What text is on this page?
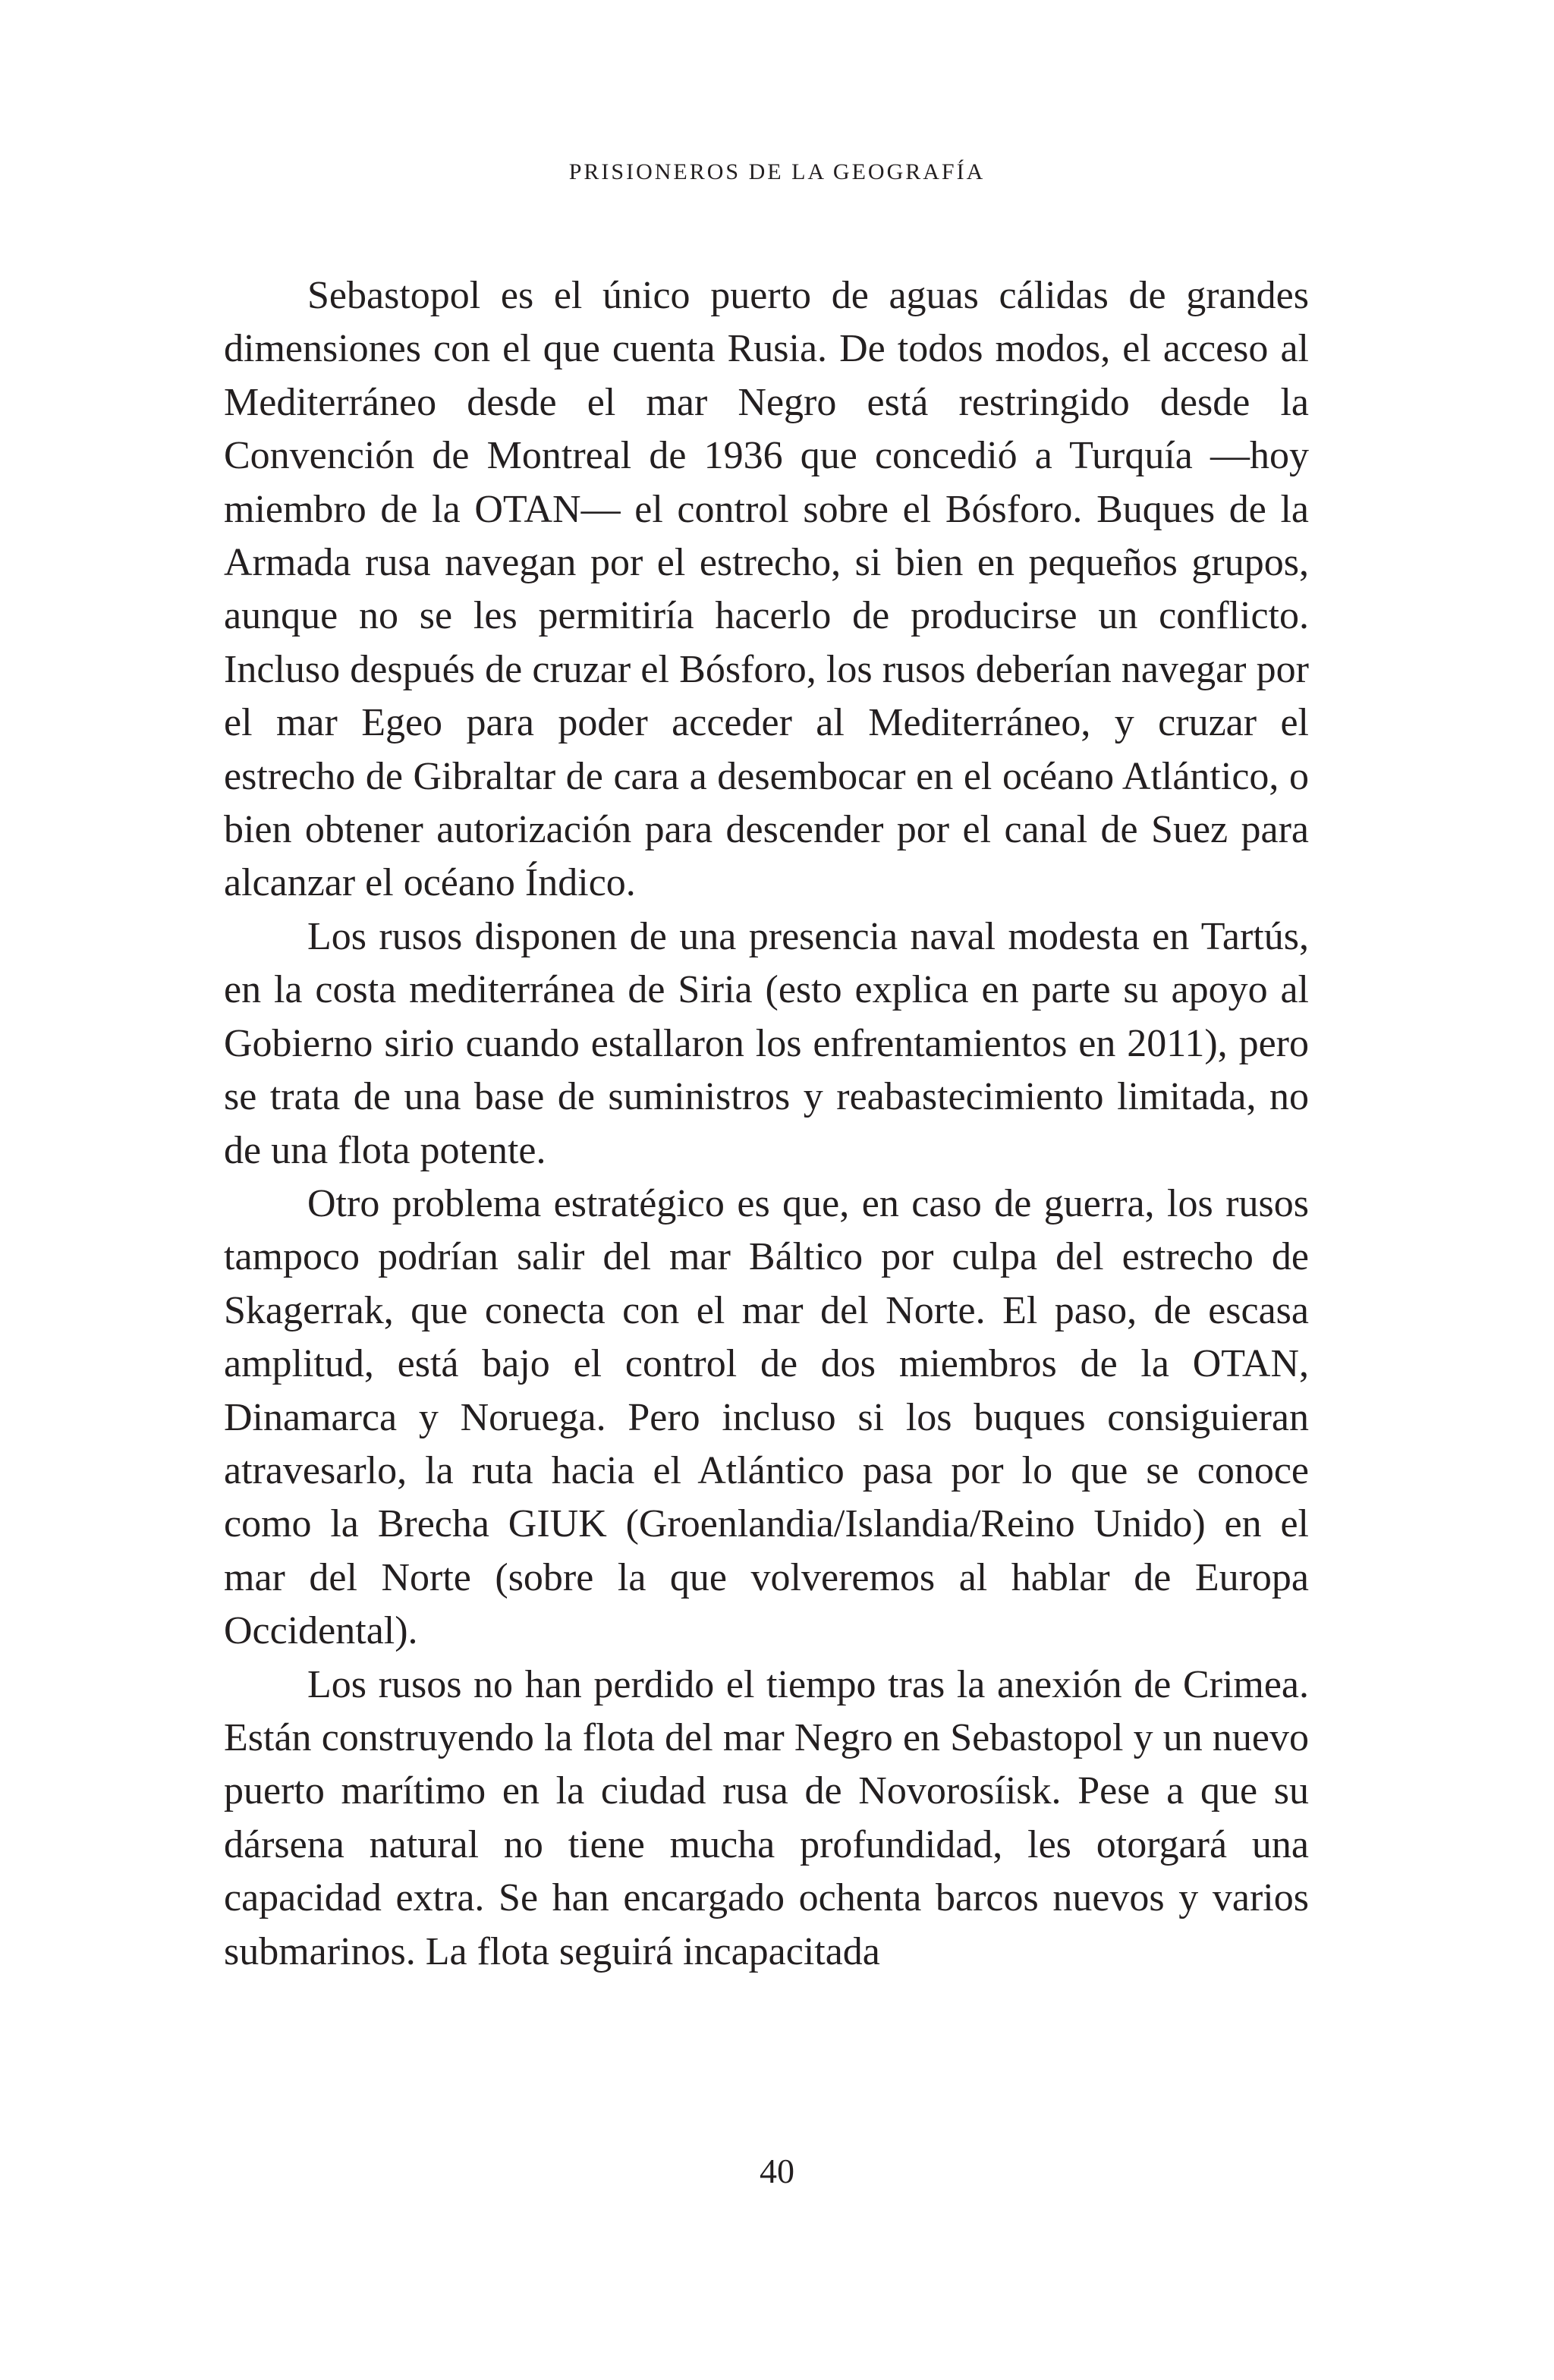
PRISIONEROS DE LA GEOGRAFÍA

Sebastopol es el único puerto de aguas cálidas de grandes dimensiones con el que cuenta Rusia. De todos modos, el acceso al Mediterráneo desde el mar Negro está restringido desde la Convención de Montreal de 1936 que concedió a Turquía —hoy miembro de la OTAN— el control sobre el Bósforo. Buques de la Armada rusa navegan por el estrecho, si bien en pequeños grupos, aunque no se les permitiría hacerlo de producirse un conflicto. Incluso después de cruzar el Bósforo, los rusos deberían navegar por el mar Egeo para poder acceder al Mediterráneo, y cruzar el estrecho de Gibraltar de cara a desembocar en el océano Atlántico, o bien obtener autorización para descender por el canal de Suez para alcanzar el océano Índico.

Los rusos disponen de una presencia naval modesta en Tartús, en la costa mediterránea de Siria (esto explica en parte su apoyo al Gobierno sirio cuando estallaron los enfrentamientos en 2011), pero se trata de una base de suministros y reabastecimiento limitada, no de una flota potente.

Otro problema estratégico es que, en caso de guerra, los rusos tampoco podrían salir del mar Báltico por culpa del estrecho de Skagerrak, que conecta con el mar del Norte. El paso, de escasa amplitud, está bajo el control de dos miembros de la OTAN, Dinamarca y Noruega. Pero incluso si los buques consiguieran atravesarlo, la ruta hacia el Atlántico pasa por lo que se conoce como la Brecha GIUK (Groenlandia/Islandia/Reino Unido) en el mar del Norte (sobre la que volveremos al hablar de Europa Occidental).

Los rusos no han perdido el tiempo tras la anexión de Crimea. Están construyendo la flota del mar Negro en Sebastopol y un nuevo puerto marítimo en la ciudad rusa de Novorosíisk. Pese a que su dársena natural no tiene mucha profundidad, les otorgará una capacidad extra. Se han encargado ochenta barcos nuevos y varios submarinos. La flota seguirá incapacitada

40
